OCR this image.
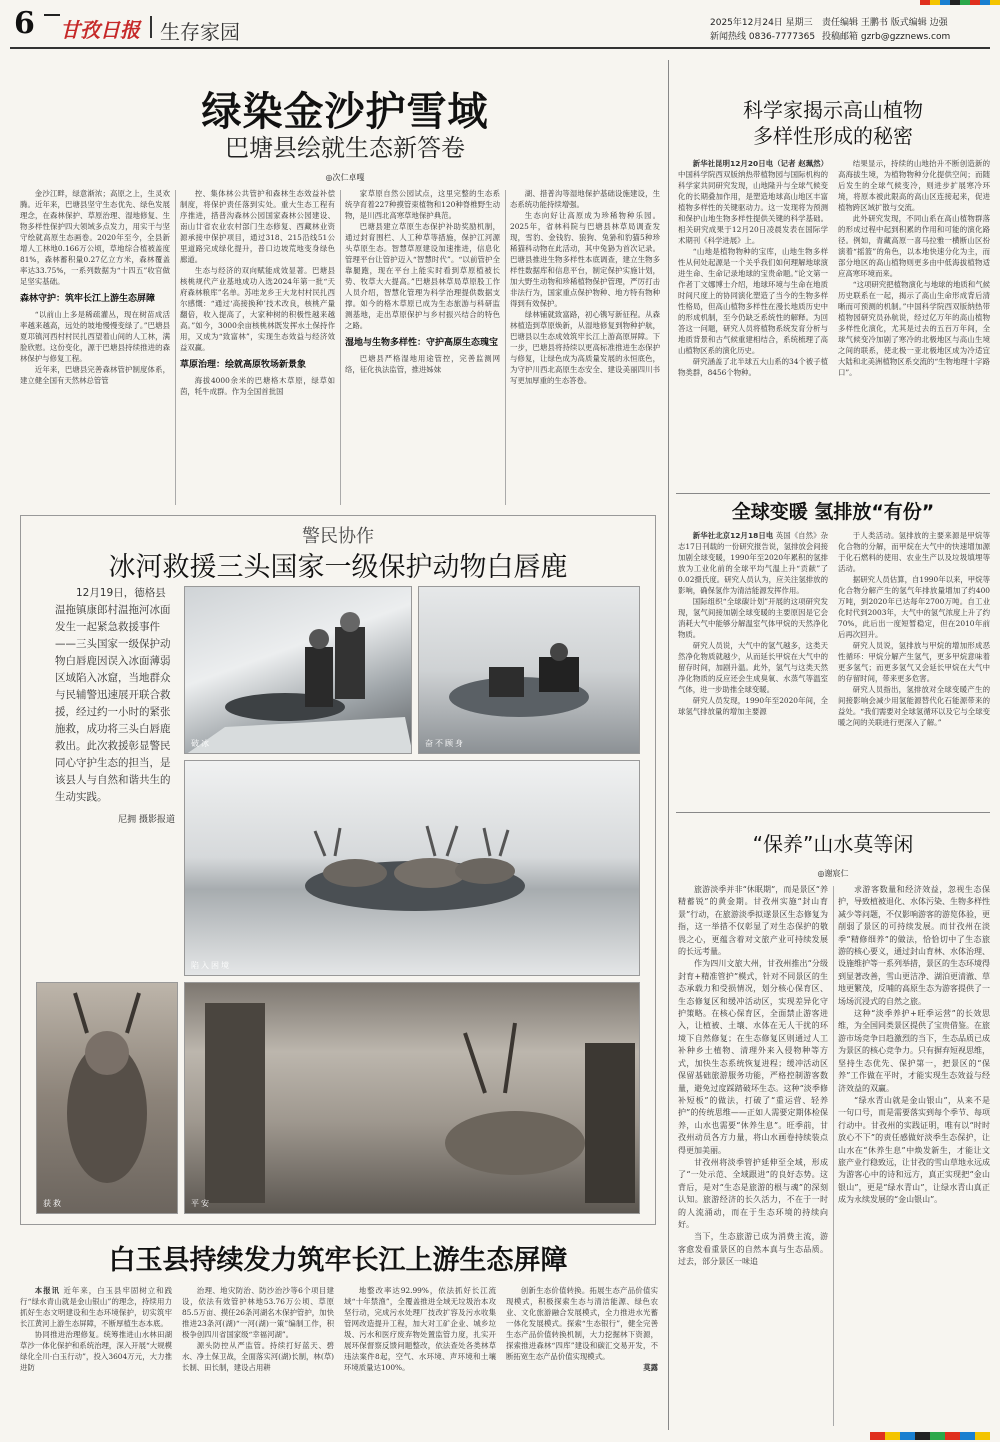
6 甘孜日报 生存家园	2025年12月24日 星期三 责任编辑 王鹏书 版式编辑 边强
新闻热线 0836-7777365 投稿邮箱 gzrb@gzznews.com
绿染金沙护雪域
巴塘县绘就生态新答卷
◎次仁卓嘎

金沙江畔，绿意渐浓；高原之上，生灵欢腾。近年来，巴塘县坚守生态优先、绿色发展理念，在森林保护、草原治理、湿地修复、生物多样性保护四大领域多点发力，用实干与坚守绘就高原生态画卷。2020年至今，全县新增人工林地0.166万公顷，草地综合植被盖度81%，森林蓄积量0.27亿立方米，森林覆盖率达33.75%，一系列数据为“十四五”收官做足坚实基础。

森林守护：筑牢长江上游生态屏障

“以前山上多是稀疏灌丛，现在树苗成活率越来越高，远处的坡地慢慢变绿了。”巴塘县夏邛镇河西村村民扎西望着山间的人工林，满脸欣慰。这份变化，源于巴塘县持续推进的森林保护与修复工程。

近年来，巴塘县完善森林管护制度体系，建立健全国有天然林总管管

控、集体林公共管护和森林生态效益补偿制度，将保护责任落到实处。重大生态工程有序推进，措普沟森林公园国家森林公园建设、南山廿省农业农村部门生态修复、西藏林业资源承接中保护项目，通过318、215沿线51公里道路完成绿化提升，普口边坡荒地变身绿色廊道。

生态与经济的双向赋能成效显著。巴塘县核桃规代产业基地成功入选2024年第一批“天府森林粮库”名单。苏哇龙乡王大龙村村民扎西尔感慨：“通过‘高接换种’技术改良，核桃产量翻倍，收入提高了，大家种树的积极性越来越高。”如今，3000余亩核桃林既发挥水土保持作用，又成为“致富林”，实现生态效益与经济效益双赢。

草原治理：绘就高原牧场新景象

海拔4000余米的巴塘格木草原，绿草如茵，牦牛成群。作为全国首批国

家草原自然公园试点，这里完整的生态系统孕育着227种摸管束植物和120种脊椎野生动物，是川西北高寒草地保护典范。

巴塘县建立草原生态保护补助奖励机制，通过封育围栏、人工种草等措施，保护江河源头草原生态。智慧草原建设加速推进，信息化管理平台让管护迈入“智慧时代”。“以前管护全靠腿跑，现在平台上能实时看到草原植被长势、牧草大大提高。”巴塘县林草局草原股工作人员介绍，智慧化管理为科学治理提供数据支撑。如今的格木草原已成为生态旅游与科研监测基地，走出草原保护与乡村振兴结合的特色之路。

湿地与生物多样性：守护高原生态瑰宝

巴塘县严格湿地用途管控，完善监测网络，征化执法监管，推进姊妹

湖、措普沟等湿地保护基础设施建设，生态系统功能持续增强。

生态向好让高原成为珍稀物种乐园。2025年，省林科院与巴塘县林草局调查发现，雪豹、金钱豹、狼狗、兔狲和豹猫5种珍稀猫科动物在此活动，其中兔狲为首次记录。巴塘县推进生物多样性本底调查，建立生物多样性数据库和信息平台，制定保护实施计划，加大野生动物和珍稀植物保护管理，严厉打击非法行为，国家重点保护物种、地方特有物种得到有效保护。

绿林铺就致富路，初心镌写新征程。从森林植造到草原焕新，从湿地修复到物种护航，巴塘县以生态成效筑牢长江上游高原屏障。下一步，巴塘县将持续以更高标准推进生态保护与修复，让绿色成为高质量发展的永恒底色，为守护川西北高原生态安全、建设美丽四川书写更加厚重的生态答卷。

警民协作
冰河救援三头国家一级保护动物白唇鹿
12月19日，德格县温拖镇康郎村温拖河冰面发生一起紧急救援事件——三头国家一级保护动物白唇鹿因误入冰面薄弱区域陷入冰窟，当地群众与民辅警迅速展开联合救援，经过约一小时的紧张施救，成功将三头白唇鹿救出。此次救援彰显警民同心守护生态的担当，是该县人与自然和谐共生的生动实践。
尼拥 摄影报道
破冰	奋不顾身
陷入困境
获救	平安
白玉县持续发力筑牢长江上游生态屏障

本报讯 近年来，白玉县牢固树立和践行“绿水青山就是金山银山”的理念，持续用力抓好生态文明建设和生态环境保护，切实筑牢长江黄河上游生态屏障，不断厚植生态本底。

协同推进治理修复。统筹推进山水林田湖草沙一体化保护和系统治理，深入开展“大规模绿化全川·白玉行动”，投入3604万元，大力推进防

治理、地灾防治、防沙治沙等6个项目建设，依法有效管护林地53.76万公顷、草原85.5万亩、摸任26条河湖名木保护管护，加快推进23条河(湖)“一河(湖)一策”编制工作，积极争创四川省国家级“幸福河湖”。

源头防控从严监管。持续打好蓝天、碧水、净土保卫战，全面落实河(湖)长制，林(草)长制、田长制，建设占用耕

地整改率达92.99%，依法抓好长江流域“十年禁渔”，全覆盖推进全域无垃圾治本攻坚行动，完成污水处理厂技改扩容及污水收集管网改造提升工程，加大对工矿企业、城乡垃圾、污水和医疗废弃物处置监管力度，扎实开展环保督察反馈问题整改，依法查处各类林草违法案件8起，空气、水环境、声环境和土壤环境质量达100%。

创新生态价值转换。拓展生态产品价值实现模式，积极探索生态与清洁能源、绿色农业、文化旅游融合发展模式，全力推进水光蓄一体化发展模式。探索“生态银行”，健全完善生态产品价值转换机制，大力挖掘林下资源，探索推进森林“四库”建设和碳汇交易开发，不断拓宽生态产品价值实现模式。

莫露
科学家揭示高山植物
多样性形成的秘密

新华社昆明12月20日电（记者 赵珮然）中国科学院西双版纳热带植物园与国际机构的科学家共同研究发现，山地隆升与全球气候变化的长期叠加作用，是塑造地球高山地区丰富植物多样性的关键驱动力。这一发现将为预测和保护山地生物多样性提供关键的科学基础。相关研究成果于12月20日凌晨发表在国际学术期刊《科学进展》上。

“山地是植物物种的宝库，山地生物多样性从何处起源是一个关乎我们如何理解地球演进生命、生命记录地球的宝贵命题。”论文第一作者丁文娜博士介绍，地球环境与生命在地质时间尺度上的协同演化塑造了当今的生物多样性格局，但高山植物多样性在漫长地质历史中的形成机制，至今仍缺乏系统性的解释。为回答这一问题，研究人员将植物系统发育分析与地质背景和古气候重建相结合，系统梳理了高山植物区系的演化历史。

研究涵盖了北半球五大山系的34个被子植物类群，8456个物种。

结果显示，持续的山地抬升不断创造新的高海拔生境，为植物物种分化提供空间；而随后发生的全球气候变冷，则进步扩展寒冷环境，将原本被此限高的高山区连接起来，促进植物跨区域扩散与交流。

此外研究发现，不同山系在高山植物群落的形成过程中起到积累的作用和可能的演化路径。例如，青藏高原一喜马拉雅一横断山区扮演着“摇篮”的角色，以本地快速分化为主，而部分地区的高山植物则更多由中低海拔植物适应高寒环境而来。

“这项研究把植物演化与地球的地质和气候历史联系在一起，揭示了高山生命形成背后清晰而可预测的机制。”中国科学院西双版纳热带植物园研究员孙航说，经过亿万年的高山植物多样性化演化，尤其是过去的五百万年间，全球气候变冷加剧了寒冷的北极地区与高山生境之间的联系，使北极一亚北极地区成为冷适宜大陆和北美洲植物区系交流的“生物地理十字路口”。

全球变暖 氢排放“有份”

新华社北京12月18日电 英国《自然》杂志17日刊载的一份研究报告说，氢排放会间接加剧全球变暖，1990年至2020年累积的氢排放为工业化前的全球平均气温上升“贡献”了0.02摄氏度。研究人员认为，应关注氢排放的影响，确保氢作为清洁能源发挥作用。

国际组织“全球碳计划”开展的这项研究发现，氢气间接加剧全球变暖的主要原因是它会消耗大气中能够分解温室气体甲烷的天然净化物质。

研究人员说，大气中的氢气越多，这类天然净化物质就越少，从而延长甲烷在大气中的留存时间，加剧升温。此外，氢气与这类天然净化物质的反应还会生成臭氧、水蒸气等温室气体，进一步助推全球变暖。

研究人员发现，1990年至2020年间，全球氢气排放量的增加主要源

于人类活动。氢排放的主要来源是甲烷等化合物的分解，而甲烷在大气中的快速增加源于化石燃料的使用、农业生产以及垃圾填埋等活动。

据研究人员估算，自1990年以来，甲烷等化合物分解产生的氢气年排放量增加了约400万吨，到2020年已达每年2700万吨。自工业化时代到2003年，大气中的氢气浓度上升了约70%，此后出一度短暂稳定，但在2010年前后再次回升。

研究人员说，氢排放与甲烷的增加形成恶性循环：甲烷分解产生氢气，更多甲烷意味着更多氢气；而更多氢气又会延长甲烷在大气中的存留时间，带来更多危害。

研究人员指出，氢排放对全球变暖产生的间接影响会减少用氢能源替代化石能源带来的益处。“我们需要对全球氢循环以及它与全球变暖之间的关联进行更深入了解。”

“保养”山水莫等闲
◎谢宸仁

旅游淡季并非“休眠期”，而是景区“养精蓄锐”的黄金期。甘孜州实施“封山育景”行动，在旅游淡季拟遂景区生态修复为指，这一举措不仅彰显了对生态保护的敬畏之心，更蕴含着对文旅产业可持续发展的长远考量。

作为四川文旅大州，甘孜州推出“分级封育+精准管护”模式，针对不同景区的生态承载力和受损情况，划分核心保育区、生态修复区和缓冲活动区，实现差异化守护策略。在核心保育区，全面禁止游客进入，让植被、土壤、水体在无人干扰的环境下自然修复；在生态修复区则通过人工补种乡土植物、清理外来入侵物种等方式，加快生态系统恢复进程；缓冲活动区保留基础旅游服务功能，严格控制游客数量，避免过度踩踏破坏生态。这种“淡季修补短板”的做法，打破了“重运营、轻养护”的传统思维——正如人需要定期体检保养，山水也需要“休养生息”。旺季前，甘孜州动员各方力量，将山水画卷持续装点得更加美丽。

甘孜州将淡季管护延伸至全域，形成了“一处示范、全域跟进”的良好态势。这背后，是对“生态是旅游的根与魂”的深刻认知。旅游经济的长久活力，不在于一时的人流涌动，而在于生态环境的持续向好。

当下，生态旅游已成为消费主流，游客愈发看重景区的自然本真与生态品质。过去，部分景区一味追

求游客数量和经济效益，忽视生态保护，导致植被退化、水体污染、生物多样性减少等问题，不仅影响游客的游览体验，更削弱了景区的可持续发展。而甘孜州在淡季“精修细养”的做法，恰恰切中了生态旅游的核心要义，通过封山育林、水体治理、设施维护等一系列举措，景区的生态环境得到显著改善，雪山更洁净、湖泊更清澈、草地更繁茂，反哺的高原生态为游客提供了一场场沉浸式的自然之旅。

这种“淡季养护+旺季运营”的长效思维，为全国同类景区提供了宝贵借鉴。在旅游市场竞争日趋激烈的当下，生态品质已成为景区的核心竞争力。只有摒弃短视思维，坚持生态优先、保护第一，把景区的“保养”工作做在平时，才能实现生态效益与经济效益的双赢。

“绿水青山就是金山银山”，从来不是一句口号，而是需要落实到每个季节、每项行动中。甘孜州的实践证明，唯有以“时时放心不下”的责任感做好淡季生态保护，让山水在“休养生息”中焕发新生，才能让文旅产业行稳致远，让甘孜的雪山草地永远成为游客心中的诗和远方，真正实现把“金山银山”，更是“绿水青山”，让绿水青山真正成为永续发展的“金山银山”。
